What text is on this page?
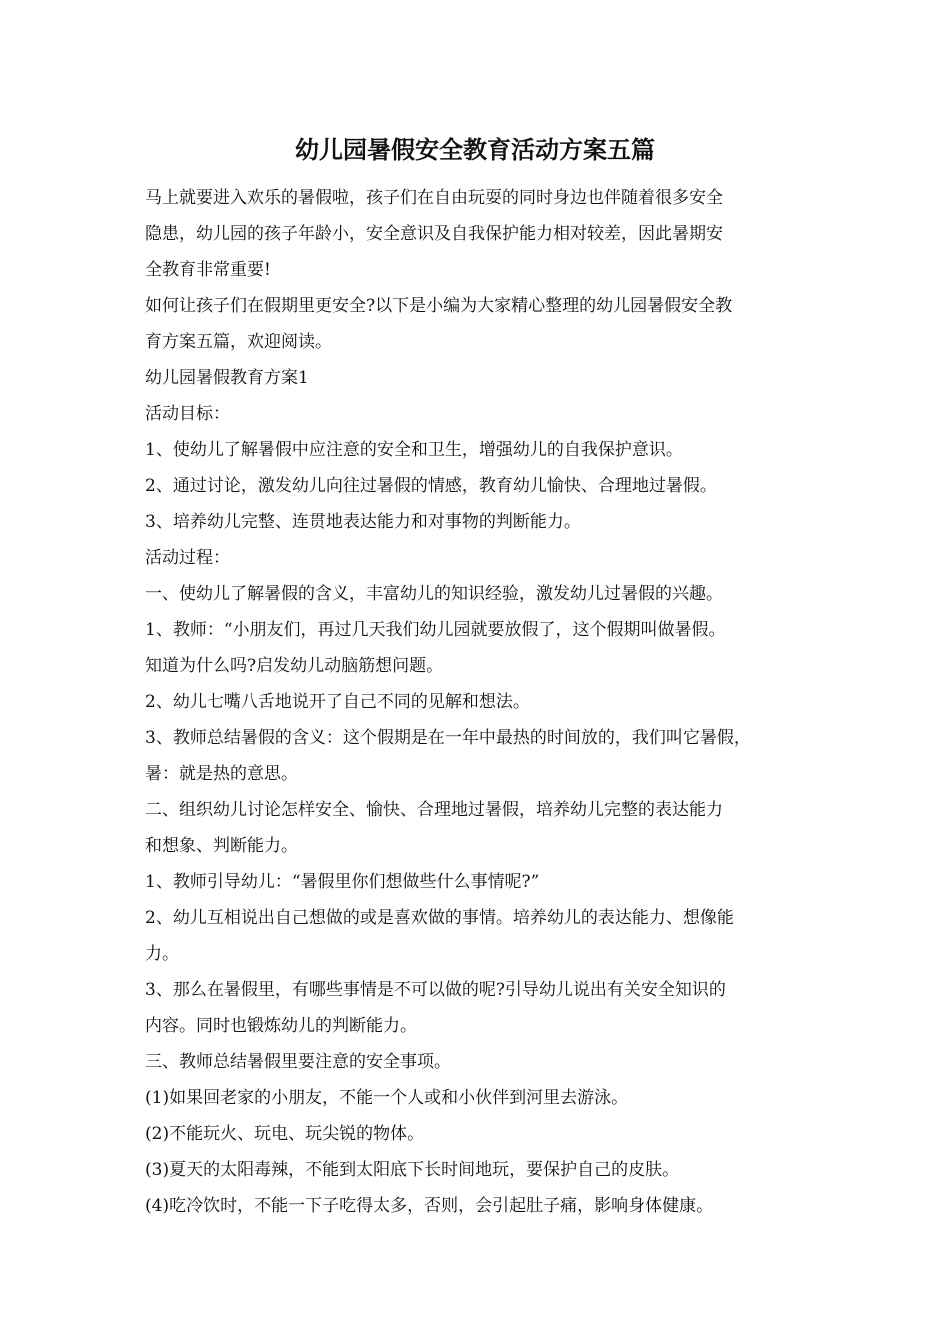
幼儿园暑假安全教育活动方案五篇

马上就要进入欢乐的暑假啦，孩子们在自由玩耍的同时身边也伴随着很多安全

隐患，幼儿园的孩子年龄小，安全意识及自我保护能力相对较差，因此暑期安

全教育非常重要!

如何让孩子们在假期里更安全?以下是小编为大家精心整理的幼儿园暑假安全教

育方案五篇，欢迎阅读。

幼儿园暑假教育方案1

活动目标：

1、使幼儿了解暑假中应注意的安全和卫生，增强幼儿的自我保护意识。

2、通过讨论，激发幼儿向往过暑假的情感，教育幼儿愉快、合理地过暑假。

3、培养幼儿完整、连贯地表达能力和对事物的判断能力。

活动过程：

一、使幼儿了解暑假的含义，丰富幼儿的知识经验，激发幼儿过暑假的兴趣。

1、教师：“小朋友们，再过几天我们幼儿园就要放假了，这个假期叫做暑假。

知道为什么吗?启发幼儿动脑筋想问题。

2、幼儿七嘴八舌地说开了自己不同的见解和想法。

3、教师总结暑假的含义：这个假期是在一年中最热的时间放的，我们叫它暑假，

暑：就是热的意思。

二、组织幼儿讨论怎样安全、愉快、合理地过暑假，培养幼儿完整的表达能力

和想象、判断能力。

1、教师引导幼儿：“暑假里你们想做些什么事情呢?”

2、幼儿互相说出自己想做的或是喜欢做的事情。培养幼儿的表达能力、想像能

力。

3、那么在暑假里，有哪些事情是不可以做的呢?引导幼儿说出有关安全知识的

内容。同时也锻炼幼儿的判断能力。

三、教师总结暑假里要注意的安全事项。

(1)如果回老家的小朋友，不能一个人或和小伙伴到河里去游泳。

(2)不能玩火、玩电、玩尖锐的物体。

(3)夏天的太阳毒辣，不能到太阳底下长时间地玩，要保护自己的皮肤。

(4)吃冷饮时，不能一下子吃得太多，否则，会引起肚子痛，影响身体健康。
